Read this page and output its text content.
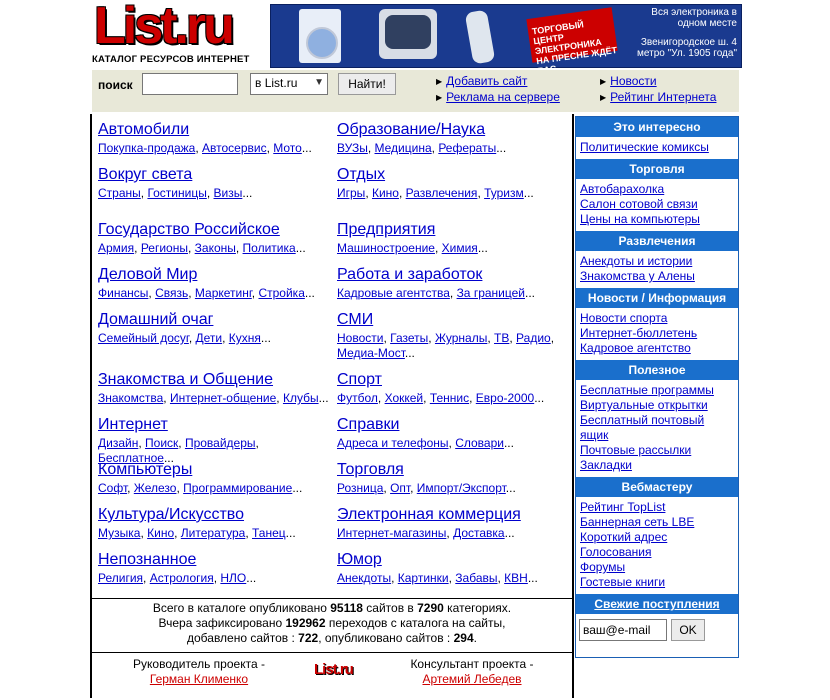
List.ru
КАТАЛОГ РЕСУРСОВ ИНТЕРНЕТ
ТОРГОВЫЙ ЦЕНТР ЭЛЕКТРОНИКА НА ПРЕСНЕ ЖДЁТ
Вся электроника в одном месте
Звенигородское ш. 4 метро "Ул. 1905 года"
поиск	в List.ru ▼	Найти!	▶ Добавить сайт
▶ Реклама на сервере
▶ Новости
▶ Рейтинг Интернета
Автомобили
Покупка-продажа, Автосервис, Мото...
Образование/Наука
ВУЗы, Медицина, Рефераты...
Вокруг света
Страны, Гостиницы, Визы...
Отдых
Игры, Кино, Развлечения, Туризм...
Государство Российское
Армия, Регионы, Законы, Политика...
Предприятия
Машиностроение, Химия...
Деловой Мир
Финансы, Связь, Маркетинг, Стройка...
Работа и заработок
Кадровые агентства, За границей...
Домашний очаг
Семейный досуг, Дети, Кухня...
СМИ
Новости, Газеты, Журналы, ТВ, Радио, Медиа-Мост...
Знакомства и Общение
Знакомства, Интернет-общение, Клубы...
Спорт
Футбол, Хоккей, Теннис, Евро-2000...
Интернет
Дизайн, Поиск, Провайдеры, Бесплатное...
Справки
Адреса и телефоны, Словари...
Компьютеры
Софт, Железо, Программирование...
Торговля
Розница, Опт, Импорт/Экспорт...
Культура/Искусство
Музыка, Кино, Литература, Танец...
Электронная коммерция
Интернет-магазины, Доставка...
Непознанное
Религия, Астрология, НЛО...
Юмор
Анекдоты, Картинки, Забавы, КВН...
Всего в каталоге опубликовано 95118 сайтов в 7290 категориях.
Вчера зафиксировано 192962 переходов с каталога на сайты,
добавлено сайтов : 722, опубликовано сайтов : 294.
Руководитель проекта -
Герман Клименко
List.ru	Консультант проекта -
Артемий Лебедев
Это интересно
Политические комиксы
Торговля
Автобарахолка
Салон сотовой связи
Цены на компьютеры
Развлечения
Анекдоты и истории
Знакомства у Алены
Новости / Информация
Новости спорта
Интернет-бюллетень
Кадровое агентство
Полезное
Бесплатные программы
Виртуальные открытки
Бесплатный почтовый
ящик
Почтовые рассылки
Закладки
Вебмастеру
Рейтинг TopList
Баннерная сеть LBE
Короткий адрес
Голосования
Форумы
Гостевые книги
Свежие поступления
ваш@e-mail
OK
